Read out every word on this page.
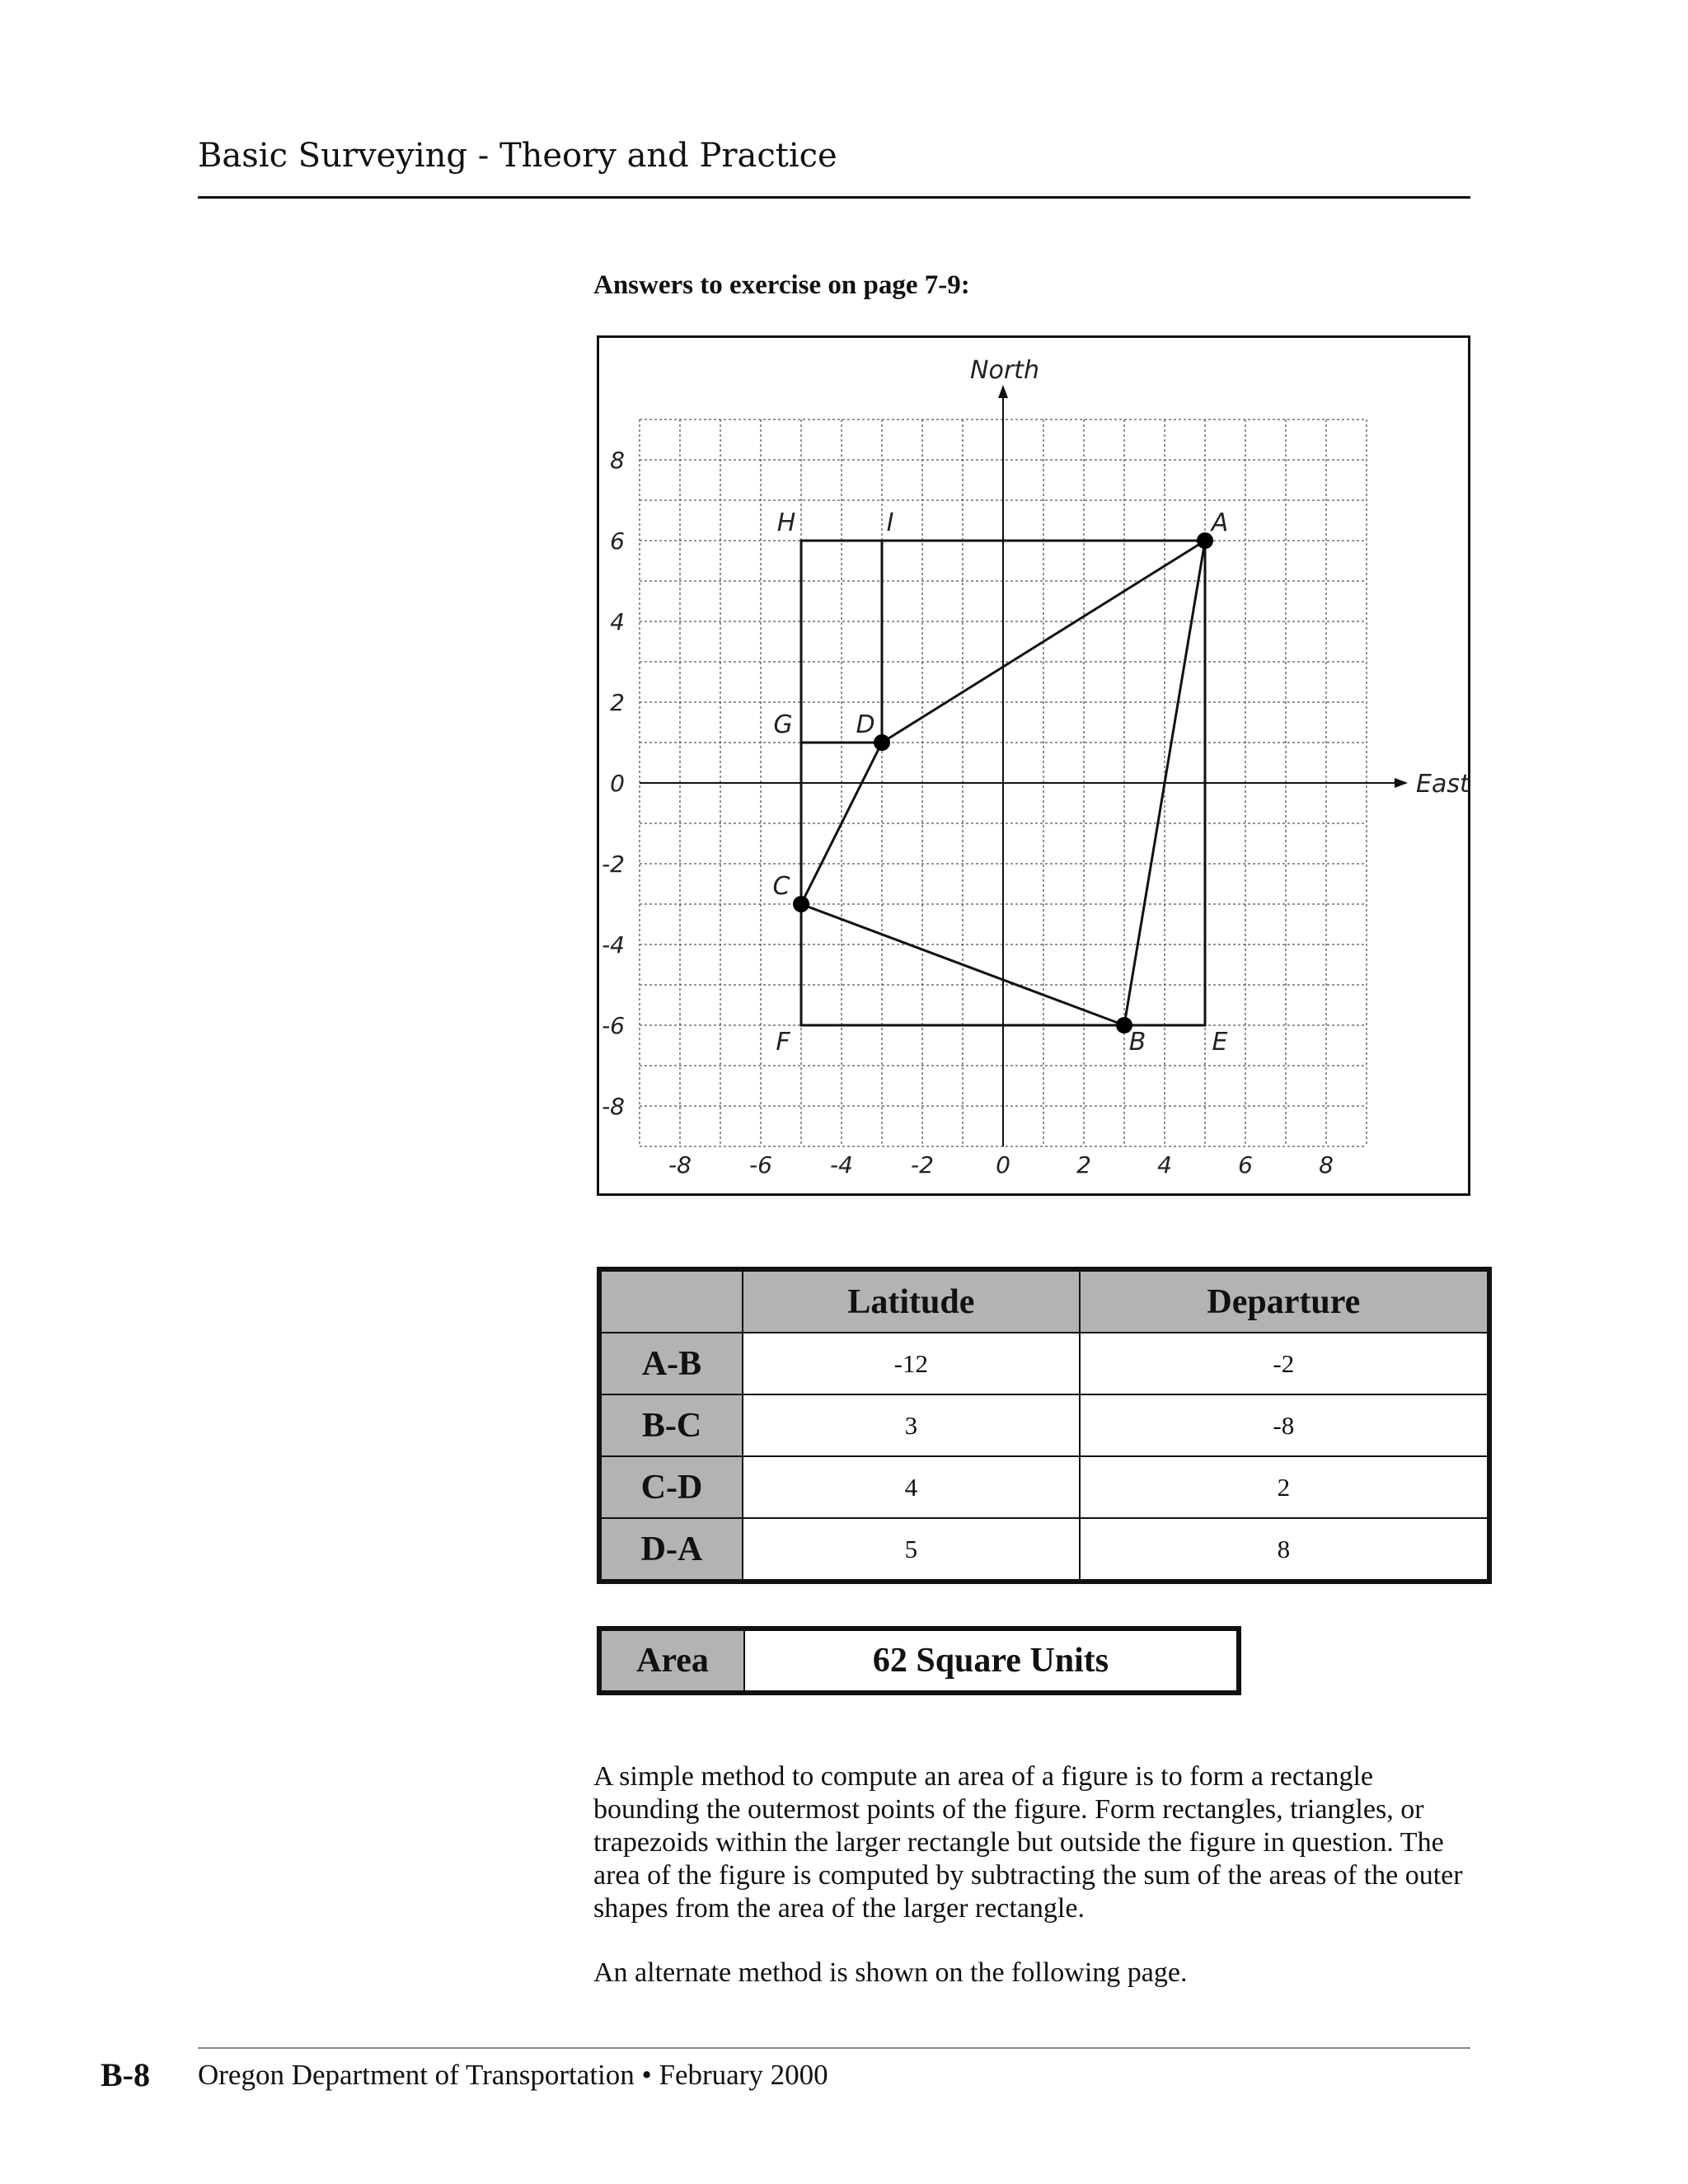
Basic Surveying - Theory and Practice
Answers to exercise on page 7-9:
North
East
-8	-6	-4	-2	0	2	4	6	8
8
6
4
2
0
-2
-4
-6
-8
A
B
C
D
E
F
G
H	I
	Latitude	Departure
A-B	-12	-2
B-C	3	-8
C-D	4	2
D-A	5	8
Area	62 Square Units

A simple method to compute an area of a figure is to form a rectangle bounding the outermost points of the figure. Form rectangles, triangles, or trapezoids within the larger rectangle but outside the figure in question. The area of the figure is computed by subtracting the sum of the areas of the outer shapes from the area of the larger rectangle.

An alternate method is shown on the following page.

B-8 Oregon Department of Transportation • February 2000
